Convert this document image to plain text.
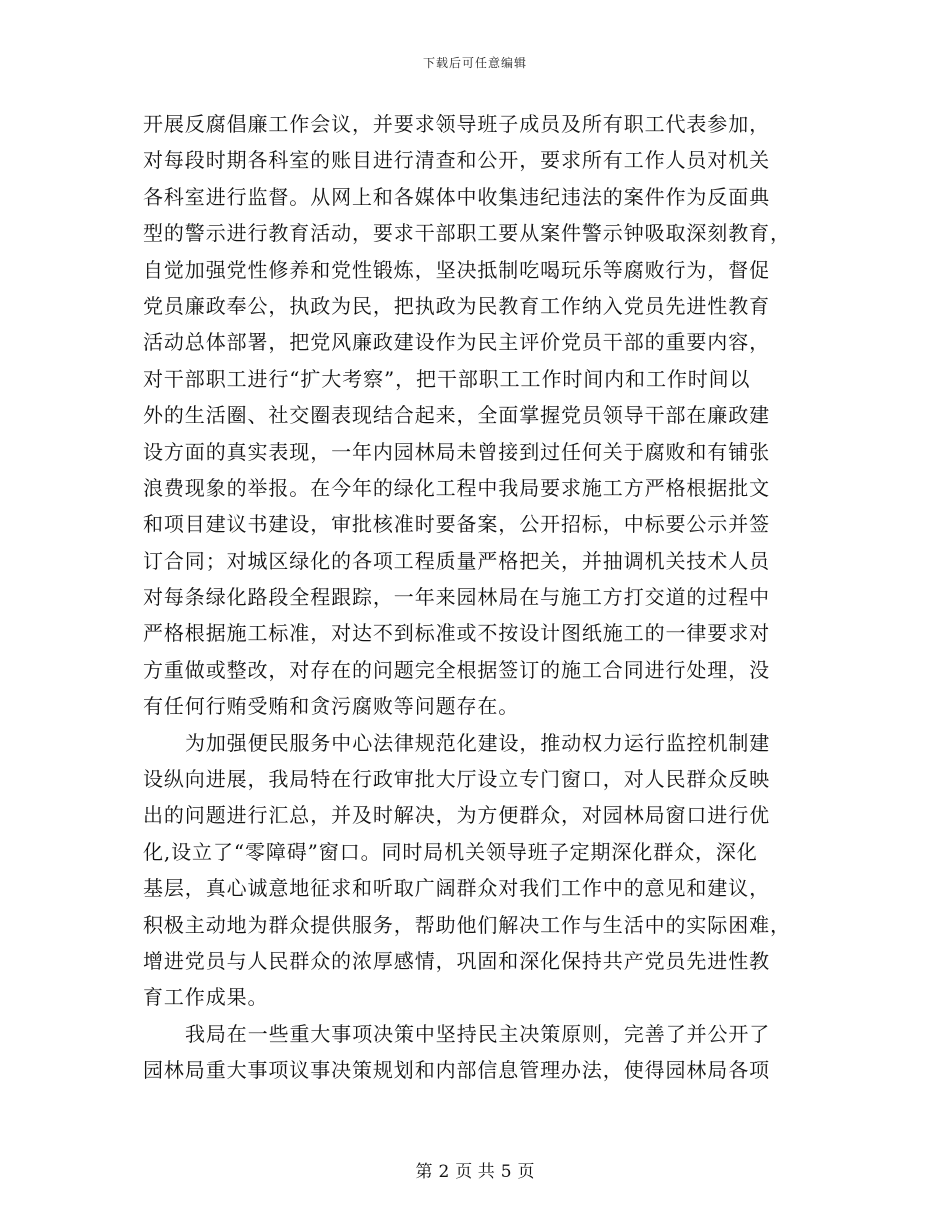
下载后可任意编辑
开展反腐倡廉工作会议，并要求领导班子成员及所有职工代表参加，
对每段时期各科室的账目进行清查和公开，要求所有工作人员对机关
各科室进行监督。从网上和各媒体中收集违纪违法的案件作为反面典
型的警示进行教育活动，要求干部职工要从案件警示钟吸取深刻教育，
自觉加强党性修养和党性锻炼，坚决抵制吃喝玩乐等腐败行为，督促
党员廉政奉公，执政为民，把执政为民教育工作纳入党员先进性教育
活动总体部署，把党风廉政建设作为民主评价党员干部的重要内容，
对干部职工进行“扩大考察”，把干部职工工作时间内和工作时间以
外的生活圈、社交圈表现结合起来，全面掌握党员领导干部在廉政建
设方面的真实表现，一年内园林局未曾接到过任何关于腐败和有铺张
浪费现象的举报。在今年的绿化工程中我局要求施工方严格根据批文
和项目建议书建设，审批核准时要备案，公开招标，中标要公示并签
订合同；对城区绿化的各项工程质量严格把关，并抽调机关技术人员
对每条绿化路段全程跟踪，一年来园林局在与施工方打交道的过程中
严格根据施工标准，对达不到标准或不按设计图纸施工的一律要求对
方重做或整改，对存在的问题完全根据签订的施工合同进行处理，没
有任何行贿受贿和贪污腐败等问题存在。
为加强便民服务中心法律规范化建设，推动权力运行监控机制建
设纵向进展，我局特在行政审批大厅设立专门窗口，对人民群众反映
出的问题进行汇总，并及时解决，为方便群众，对园林局窗口进行优
化,设立了“零障碍”窗口。同时局机关领导班子定期深化群众，深化
基层，真心诚意地征求和听取广阔群众对我们工作中的意见和建议，
积极主动地为群众提供服务，帮助他们解决工作与生活中的实际困难，
增进党员与人民群众的浓厚感情，巩固和深化保持共产党员先进性教
育工作成果。
我局在一些重大事项决策中坚持民主决策原则，完善了并公开了
园林局重大事项议事决策规划和内部信息管理办法，使得园林局各项
第 2 页 共 5 页
